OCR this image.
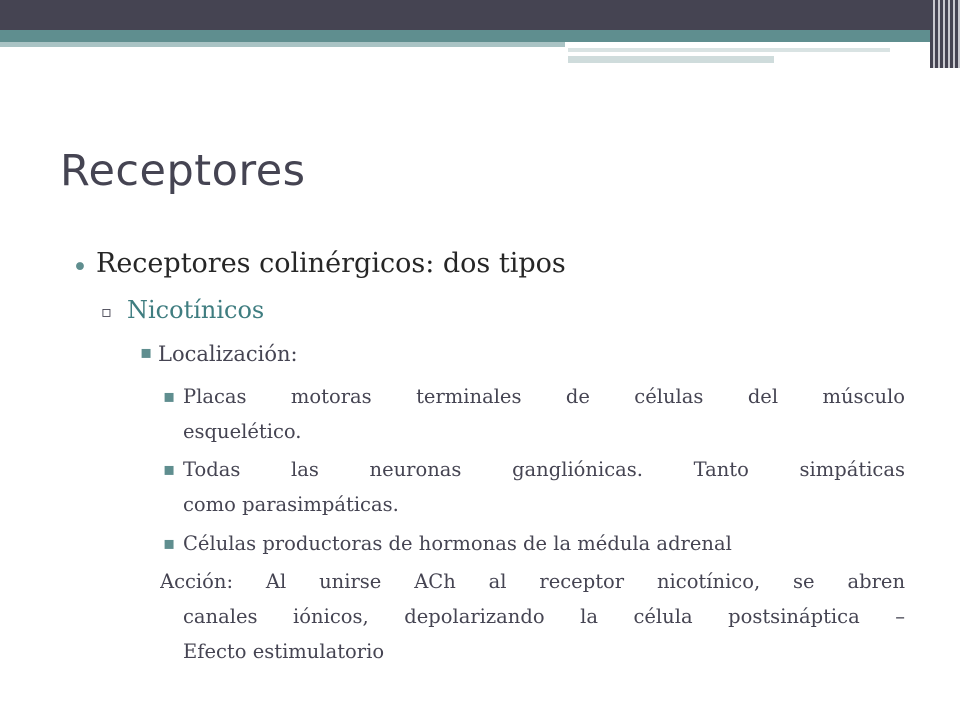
Receptores
• Receptores colinérgicos: dos tipos
▫ Nicotínicos
▪ Localización:
▪ Placas motoras terminales de células del músculo
esquelético.
▪ Todas las neuronas gangliónicas. Tanto simpáticas
como parasimpáticas.
▪ Células productoras de hormonas de la médula adrenal
Acción: Al unirse ACh al receptor nicotínico, se abren
canales iónicos, depolarizando la célula postsináptica –
Efecto estimulatorio
